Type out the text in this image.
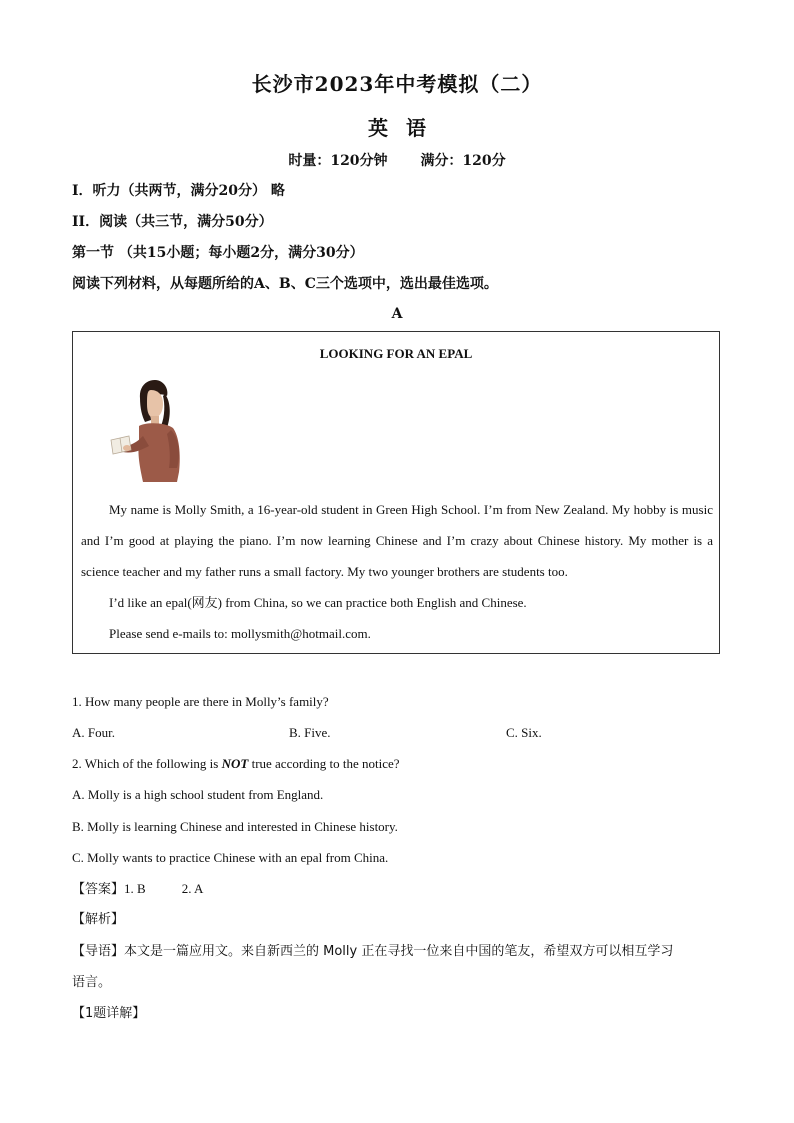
长沙市2023年中考模拟（二）
英语
时量：120分钟 满分：120分
I．听力（共两节，满分20分） 略
II．阅读（共三节，满分50分）
第一节 （共15小题；每小题2分，满分30分）
阅读下列材料，从每题所给的A、B、C三个选项中，选出最佳选项。
A
LOOKING FOR AN EPAL

My name is Molly Smith, a 16-year-old student in Green High School. I’m from New Zealand. My hobby is music and I’m good at playing the piano. I’m now learning Chinese and I’m crazy about Chinese history. My mother is a science teacher and my father runs a small factory. My two younger brothers are students too.

I’d like an epal(网友) from China, so we can practice both English and Chinese.

Please send e-mails to: mollysmith@hotmail.com.

1. How many people are there in Molly’s family?
A. Four.	B. Five.	C. Six.
2. Which of the following is NOT true according to the notice?
A. Molly is a high school student from England.
B. Molly is learning Chinese and interested in Chinese history.
C. Molly wants to practice Chinese with an epal from China.
【答案】1. B	2. A
【解析】
【导语】本文是一篇应用文。来自新西兰的 Molly 正在寻找一位来自中国的笔友，希望双方可以相互学习
语言。
【1题详解】
